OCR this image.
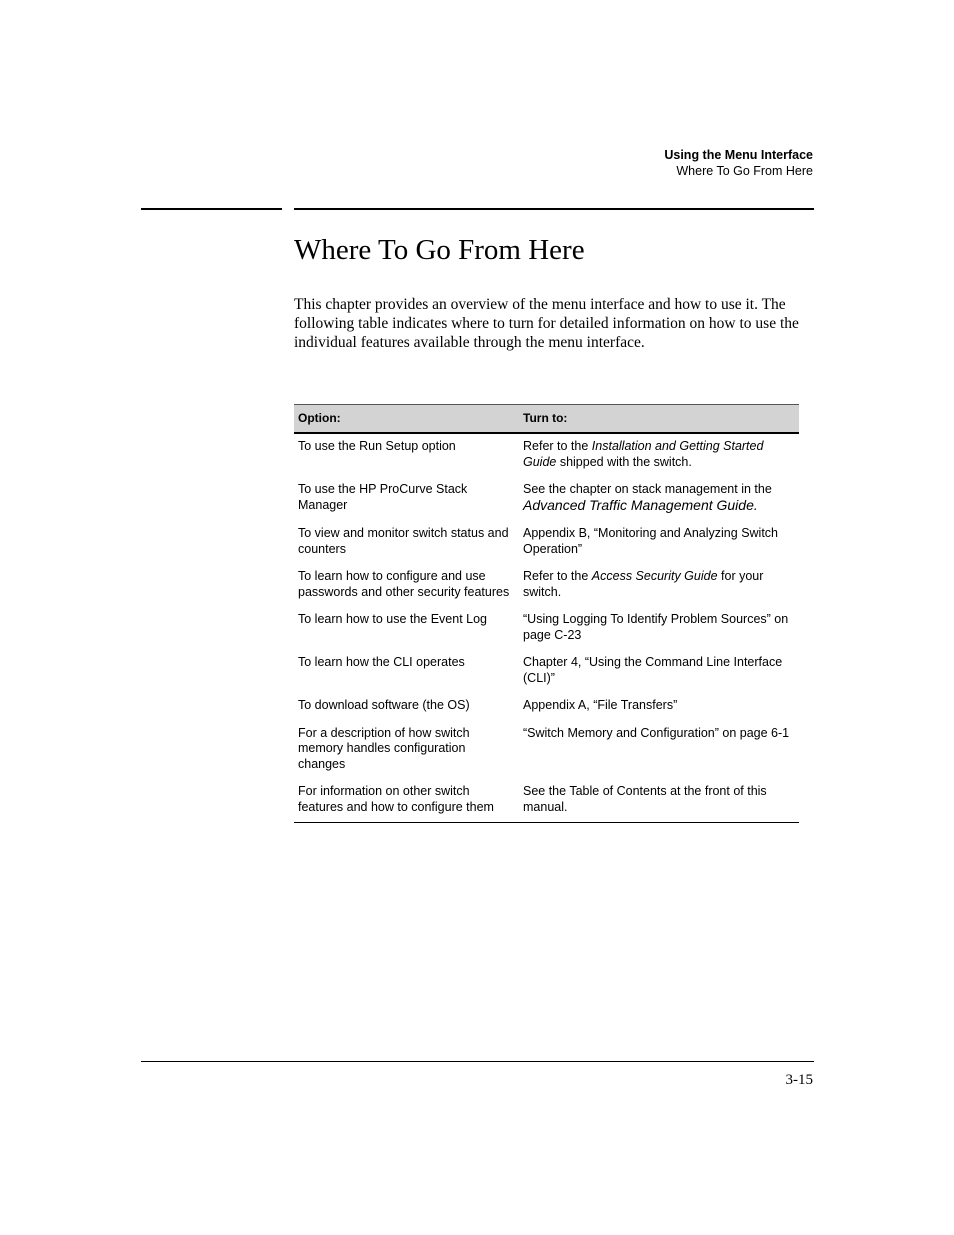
Using the Menu Interface
Where To Go From Here
Where To Go From Here

This chapter provides an overview of the menu interface and how to use it. The following table indicates where to turn for detailed information on how to use the individual features available through the menu interface.

Option:	Turn to:
To use the Run Setup option	Refer to the Installation and Getting Started Guide shipped with the switch.
To use the HP ProCurve Stack Manager	See the chapter on stack management in the Advanced Traffic Management Guide.
To view and monitor switch status and counters	Appendix B, “Monitoring and Analyzing Switch Operation”
To learn how to configure and use passwords and other security features	Refer to the Access Security Guide for your switch.
To learn how to use the Event Log	“Using Logging To Identify Problem Sources” on page C-23
To learn how the CLI operates	Chapter 4, “Using the Command Line Interface (CLI)”
To download software (the OS)	Appendix A, “File Transfers”
For a description of how switch memory handles configuration changes	“Switch Memory and Configuration” on page 6-1
For information on other switch features and how to configure them	See the Table of Contents at the front of this manual.
3-15
